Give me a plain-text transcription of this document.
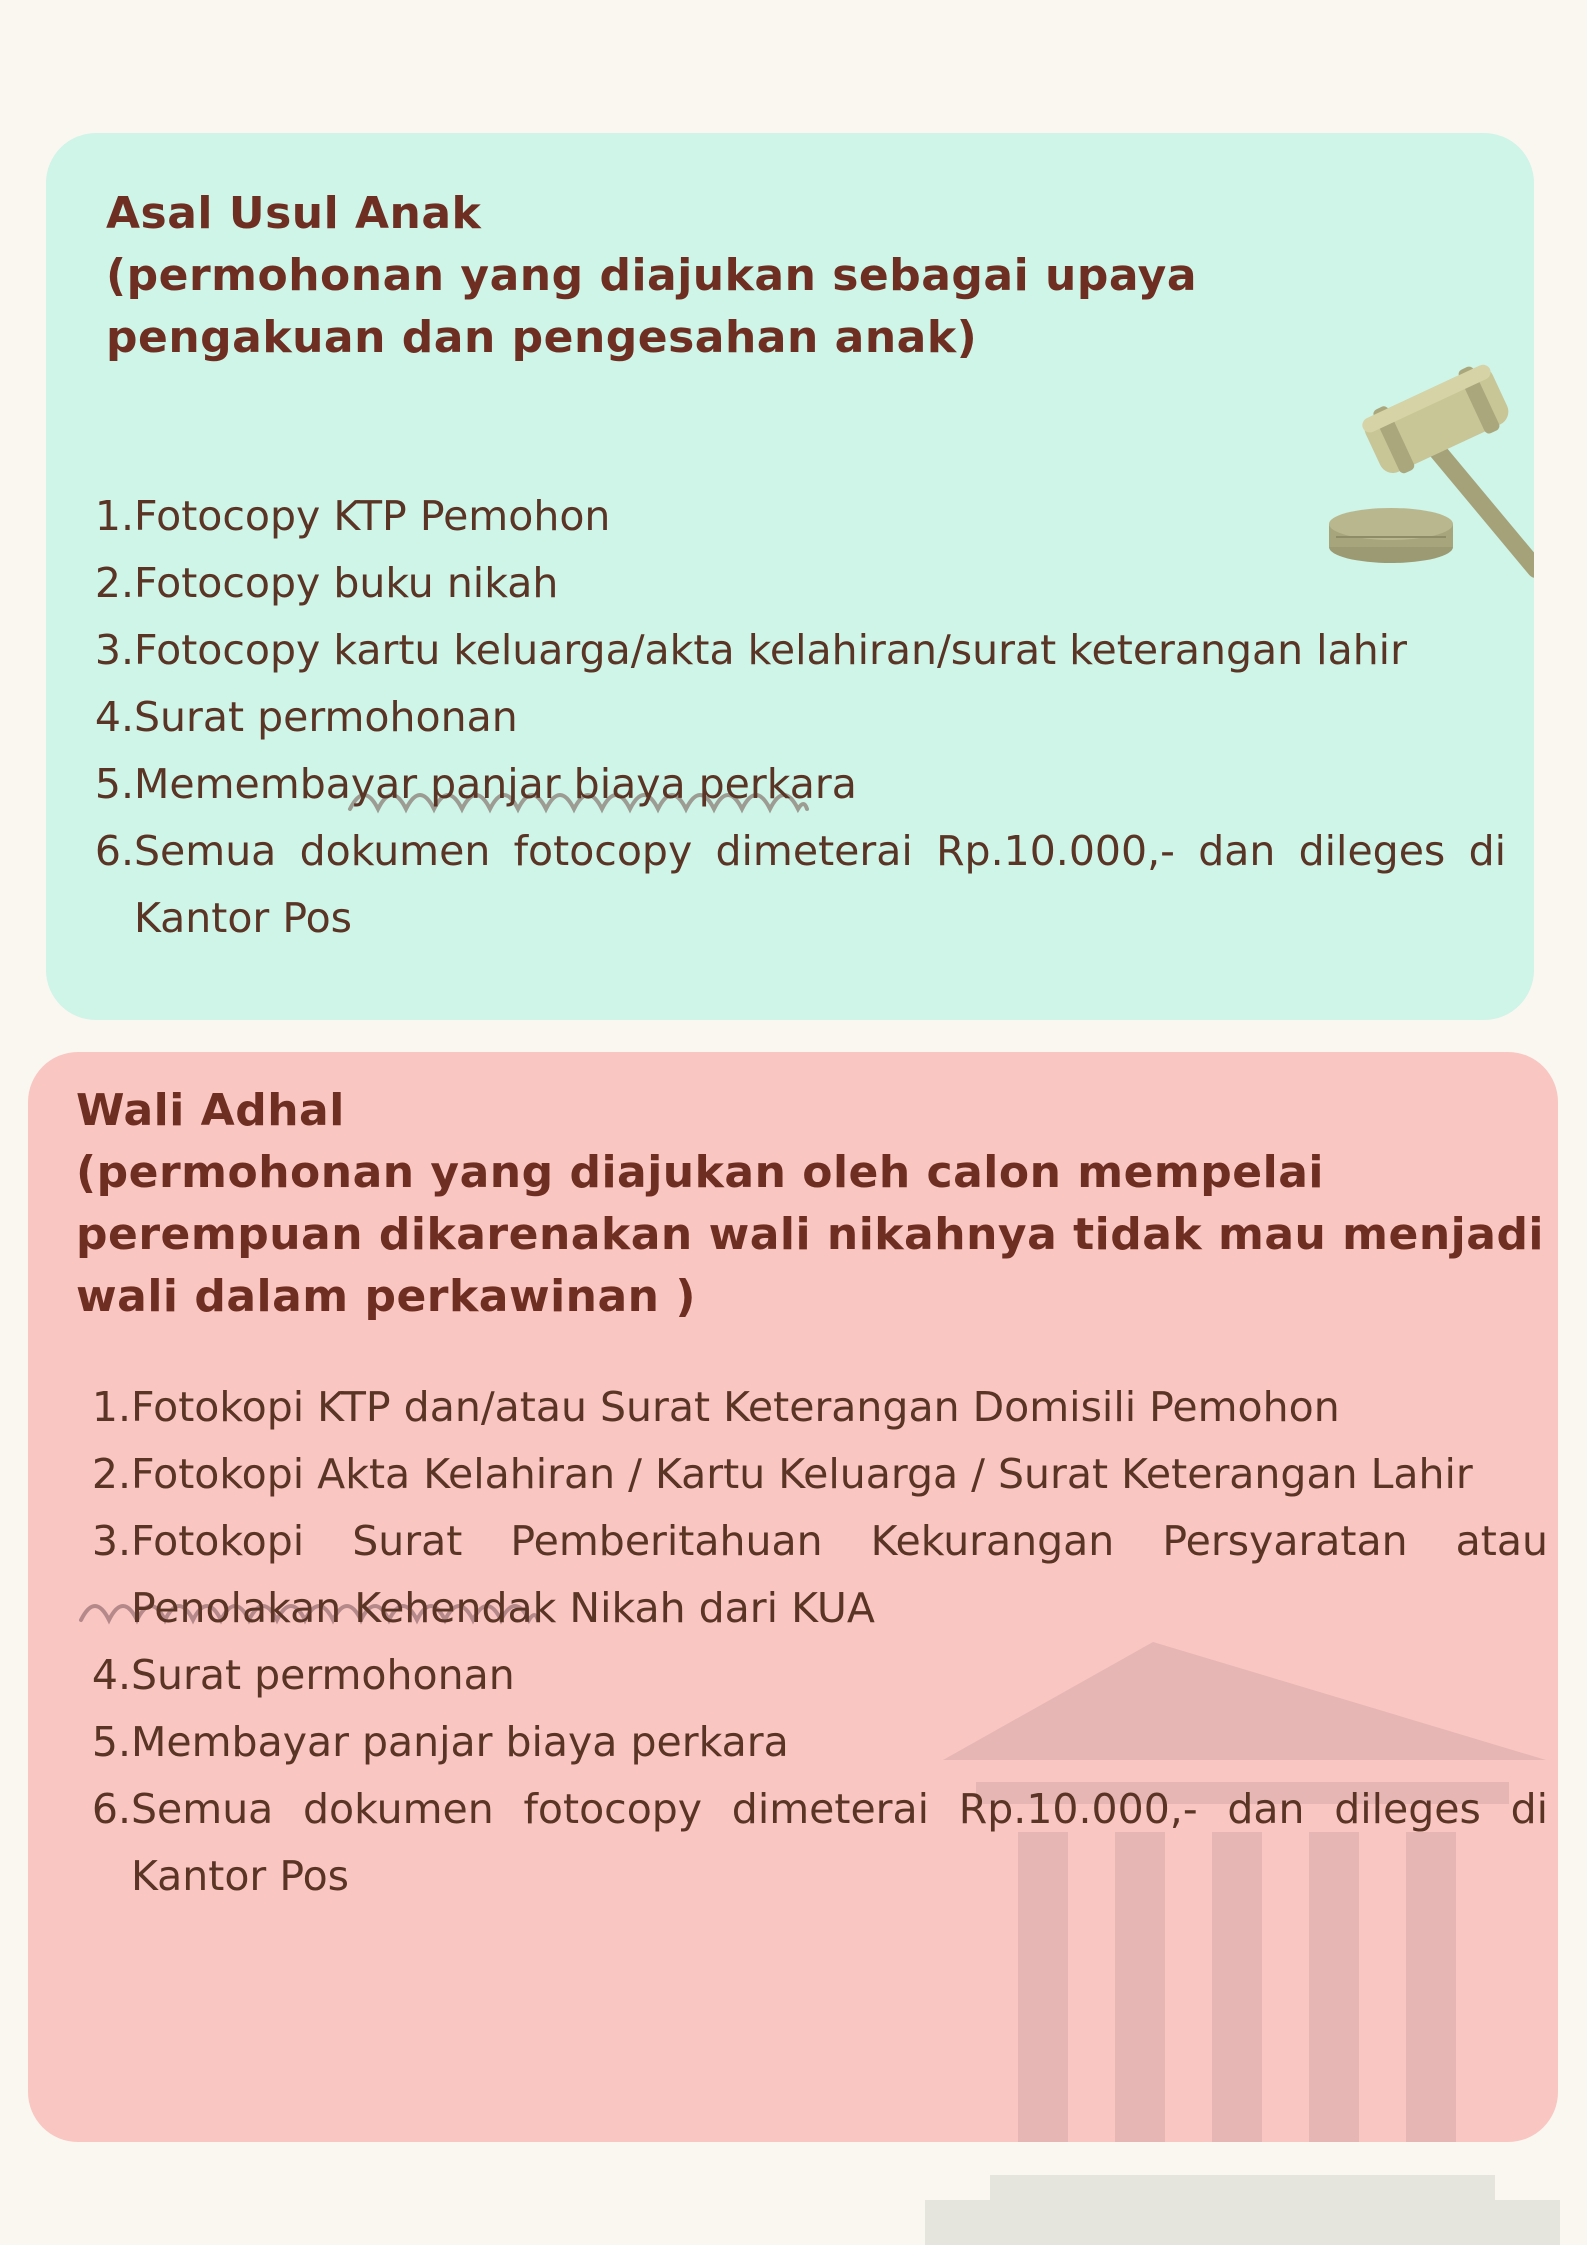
Asal Usul Anak
(permohonan yang diajukan sebagai upaya
pengakuan dan pengesahan anak)

1. Fotocopy KTP Pemohon
2. Fotocopy buku nikah
3. Fotocopy kartu keluarga/akta kelahiran/surat keterangan lahir
4. Surat permohonan
5. Memembayar panjar biaya perkara
6. Semua dokumen fotocopy dimeterai Rp.10.000,- dan dileges di Kantor Pos
Wali Adhal
(permohonan yang diajukan oleh calon mempelai
perempuan dikarenakan wali nikahnya tidak mau menjadi
wali dalam perkawinan )
1. Fotokopi KTP dan/atau Surat Keterangan Domisili Pemohon
2. Fotokopi Akta Kelahiran / Kartu Keluarga / Surat Keterangan Lahir
3. Fotokopi Surat Pemberitahuan Kekurangan Persyaratan atau Penolakan Kehendak Nikah dari KUA
4. Surat permohonan
5. Membayar panjar biaya perkara
6. Semua dokumen fotocopy dimeterai Rp.10.000,- dan dileges di Kantor Pos
